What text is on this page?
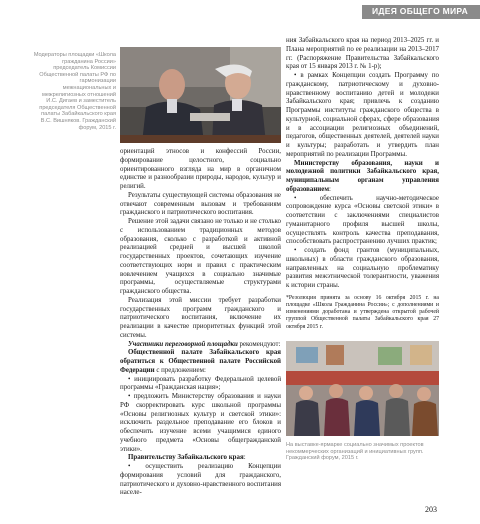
ИДЕЯ ОБЩЕГО МИРА
Модераторы площадки «Школа гражданина России» председатель Комиссии Общественной палаты РФ по гармонизации межнациональных и межрелигиозных отношений И.С. Дигаев и заместитель председателя Общественной палаты Забайкальского края В.С. Вишняков. Гражданский форум, 2015 г.

ориентаций этносов и конфессий России, формирование целостного, социально ориентированного взгляда на мир в органичном единстве и разнообразии природы, народов, культур и религий.

Результаты существующей системы образования не отвечают современным вызовам и требованиям гражданского и патриотического воспитания.

Решение этой задачи связано не только и не столько с использованием традиционных методов образования, сколько с разработкой и активной реализацией средней и высшей школой государственных проектов, сочетающих изучение соответствующих норм и правил с практическим вовлечением учащихся в социально значимые программы, осуществляемые структурами гражданского общества.

Реализация этой миссии требует разработки государственных программ гражданского и патриотического воспитания, включение их реализации в качестве приоритетных функций этой системы.

Участники переговорной площадки рекомендуют:

Общественной палате Забайкальского края обратиться к Общественной палате Российской Федерации с предложением:

• инициировать разработку Федеральной целевой программы «Гражданская нация»;

• предложить Министерству образования и науки РФ скорректировать курс школьной программы «Основы религиозных культур и светской этики»: исключить раздельное преподавание его блоков и обеспечить изучение всеми учащимися единого учебного предмета «Основы общегражданской этики».

Правительству Забайкальского края:

• осуществить реализацию Концепции формирования условий для гражданского, патриотического и духовно-нравственного воспитания населе-

ния Забайкальского края на период 2013–2025 гг. и Плана мероприятий по ее реализации на 2013–2017 гг. (Распоряжение Правительства Забайкальского края от 15 января 2013 г. № 1-р);

• в рамках Концепции создать Программу по гражданскому, патриотическому и духовно-нравственному воспитанию детей и молодежи Забайкальского края; привлечь к созданию Программы институты гражданского общества в культурной, социальной сферах, сфере образования и в ассоциации религиозных объединений, педагогов, общественных деятелей, деятелей науки и культуры; разработать и утвердить план мероприятий по реализации Программы.

Министерству образования, науки и молодежной политики Забайкальского края, муниципальным органам управления образованием:

• обеспечить научно-методическое сопровождение курса «Основы светской этики» в соответствии с заключениями специалистов гуманитарного профиля высшей школы, осуществлять контроль качества преподавания, способствовать распространению лучших практик;

• создать фонд грантов (муниципальных, школьных) в области гражданского образования, направленных на социальную проблематику развития межэтнической толерантности, уважения к истории страны.

*Резолюция принята за основу 16 октября 2015 г. на площадке «Школа Гражданина России»; с дополнениями и изменениями доработана и утверждена открытой рабочей группой Общественной палаты Забайкальского края 27 октября 2015 г.

На выставке-ярмарке социально значимых проектов некоммерческих организаций и инициативных групп. Гражданский форум, 2015 г.
203
